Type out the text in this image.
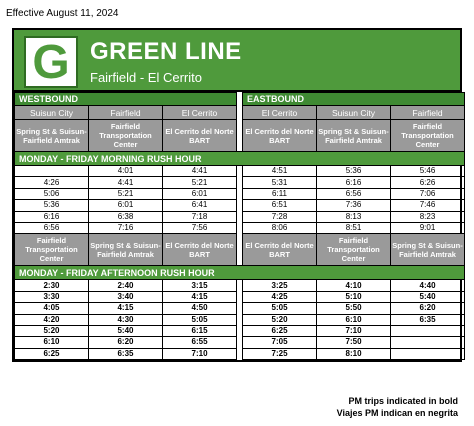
Effective August 11, 2024
G GREEN LINE
Fairfield - El Cerrito
WESTBOUND				EASTBOUND		
Suisun City	Fairfield	El Cerrito		El Cerrito	Suisun City	Fairfield
Spring St & Suisun-Fairfield Amtrak	Fairfield Transportation Center	El Cerrito del Norte BART		El Cerrito del Norte BART	Spring St & Suisun-Fairfield Amtrak	Fairfield Transportation Center
MONDAY - FRIDAY MORNING RUSH HOUR						
	4:01	4:41		4:51	5:36	5:46
4:26	4:41	5:21		5:31	6:16	6:26
5:06	5:21	6:01		6:11	6:56	7:06
5:36	6:01	6:41		6:51	7:36	7:46
6:16	6:38	7:18		7:28	8:13	8:23
6:56	7:16	7:56		8:06	8:51	9:01
Fairfield Transportation Center	Spring St & Suisun-Fairfield Amtrak	El Cerrito del Norte BART		El Cerrito del Norte BART	Fairfield Transportation Center	Spring St & Suisun-Fairfield Amtrak
MONDAY - FRIDAY AFTERNOON RUSH HOUR						
2:30	2:40	3:15		3:25	4:10	4:40
3:30	3:40	4:15		4:25	5:10	5:40
4:05	4:15	4:50		5:05	5:50	6:20
4:20	4:30	5:05		5:20	6:10	6:35
5:20	5:40	6:15		6:25	7:10	
6:10	6:20	6:55		7:05	7:50	
6:25	6:35	7:10		7:25	8:10	
PM trips indicated in bold
Viajes PM indican en negrita
